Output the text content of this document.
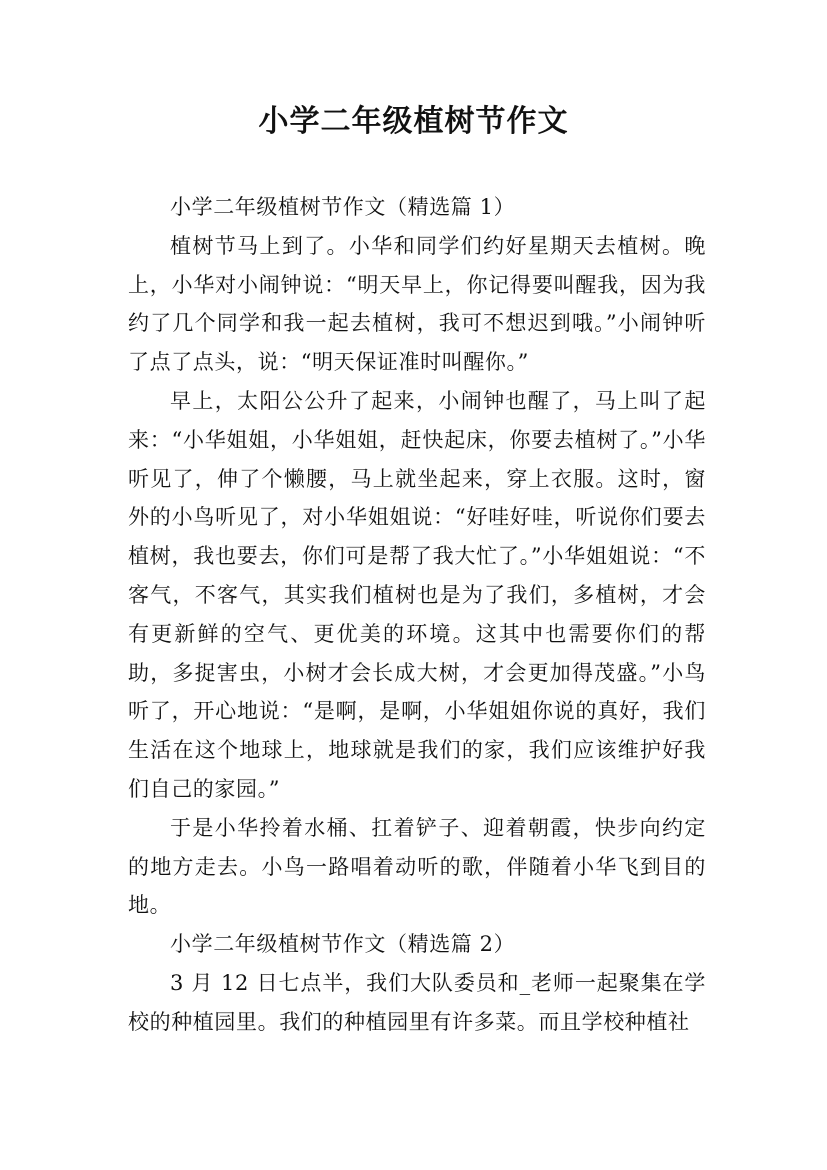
小学二年级植树节作文

小学二年级植树节作文（精选篇 1）

植树节马上到了。小华和同学们约好星期天去植树。晚上，小华对小闹钟说：“明天早上，你记得要叫醒我，因为我约了几个同学和我一起去植树，我可不想迟到哦。”小闹钟听了点了点头，说：“明天保证准时叫醒你。”

早上，太阳公公升了起来，小闹钟也醒了，马上叫了起来：“小华姐姐，小华姐姐，赶快起床，你要去植树了。”小华听见了，伸了个懒腰，马上就坐起来，穿上衣服。这时，窗外的小鸟听见了，对小华姐姐说：“好哇好哇，听说你们要去植树，我也要去，你们可是帮了我大忙了。”小华姐姐说：“不客气，不客气，其实我们植树也是为了我们，多植树，才会有更新鲜的空气、更优美的环境。这其中也需要你们的帮助，多捉害虫，小树才会长成大树，才会更加得茂盛。”小鸟听了，开心地说：“是啊，是啊，小华姐姐你说的真好，我们生活在这个地球上，地球就是我们的家，我们应该维护好我们自己的家园。”

于是小华拎着水桶、扛着铲子、迎着朝霞，快步向约定的地方走去。小鸟一路唱着动听的歌，伴随着小华飞到目的地。

小学二年级植树节作文（精选篇 2）

3 月 12 日七点半，我们大队委员和_老师一起聚集在学校的种植园里。我们的种植园里有许多菜。而且学校种植社
